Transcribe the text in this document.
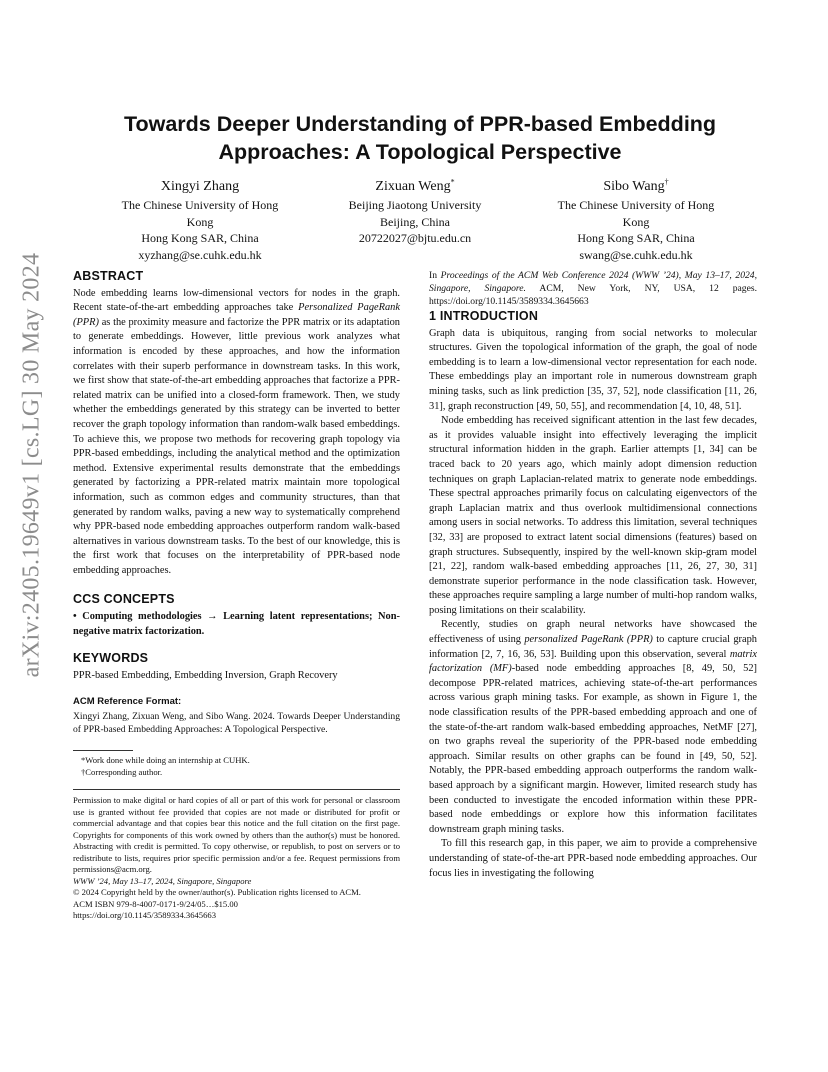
arXiv:2405.19649v1 [cs.LG] 30 May 2024
Towards Deeper Understanding of PPR-based Embedding
Approaches: A Topological Perspective
Xingyi Zhang
The Chinese University of Hong
Kong
Hong Kong SAR, China
xyzhang@se.cuhk.edu.hk
Zixuan Weng*
Beijing Jiaotong University
Beijing, China
20722027@bjtu.edu.cn
Sibo Wang†
The Chinese University of Hong
Kong
Hong Kong SAR, China
swang@se.cuhk.edu.hk
ABSTRACT

Node embedding learns low-dimensional vectors for nodes in the graph. Recent state-of-the-art embedding approaches take Personalized PageRank (PPR) as the proximity measure and factorize the PPR matrix or its adaptation to generate embeddings. However, little previous work analyzes what information is encoded by these approaches, and how the information correlates with their superb performance in downstream tasks. In this work, we first show that state-of-the-art embedding approaches that factorize a PPR-related matrix can be unified into a closed-form framework. Then, we study whether the embeddings generated by this strategy can be inverted to better recover the graph topology information than random-walk based embeddings. To achieve this, we propose two methods for recovering graph topology via PPR-based embeddings, including the analytical method and the optimization method. Extensive experimental results demonstrate that the embeddings generated by factorizing a PPR-related matrix maintain more topological information, such as common edges and community structures, than that generated by random walks, paving a new way to systematically comprehend why PPR-based node embedding approaches outperform random walk-based alternatives in various downstream tasks. To the best of our knowledge, this is the first work that focuses on the interpretability of PPR-based node embedding approaches.

CCS CONCEPTS

• Computing methodologies → Learning latent representations; Non-negative matrix factorization.

KEYWORDS

PPR-based Embedding, Embedding Inversion, Graph Recovery

ACM Reference Format:

Xingyi Zhang, Zixuan Weng, and Sibo Wang. 2024. Towards Deeper Understanding of PPR-based Embedding Approaches: A Topological Perspective.

*Work done while doing an internship at CUHK.
†Corresponding author.
Permission to make digital or hard copies of all or part of this work for personal or classroom use is granted without fee provided that copies are not made or distributed for profit or commercial advantage and that copies bear this notice and the full citation on the first page. Copyrights for components of this work owned by others than the author(s) must be honored. Abstracting with credit is permitted. To copy otherwise, or republish, to post on servers or to redistribute to lists, requires prior specific permission and/or a fee. Request permissions from permissions@acm.org.
WWW ’24, May 13–17, 2024, Singapore, Singapore
© 2024 Copyright held by the owner/author(s). Publication rights licensed to ACM.
ACM ISBN 979-8-4007-0171-9/24/05…$15.00
https://doi.org/10.1145/3589334.3645663
In Proceedings of the ACM Web Conference 2024 (WWW ’24), May 13–17, 2024, Singapore, Singapore. ACM, New York, NY, USA, 12 pages. https://doi.org/10.1145/3589334.3645663
1 INTRODUCTION

Graph data is ubiquitous, ranging from social networks to molecular structures. Given the topological information of the graph, the goal of node embedding is to learn a low-dimensional vector representation for each node. These embeddings play an important role in numerous downstream graph mining tasks, such as link prediction [35, 37, 52], node classification [11, 26, 31], graph reconstruction [49, 50, 55], and recommendation [4, 10, 48, 51].

Node embedding has received significant attention in the last few decades, as it provides valuable insight into effectively leveraging the implicit structural information hidden in the graph. Earlier attempts [1, 34] can be traced back to 20 years ago, which mainly adopt dimension reduction techniques on graph Laplacian-related matrix to generate node embeddings. These spectral approaches primarily focus on calculating eigenvectors of the graph Laplacian matrix and thus overlook multidimensional connections among users in social networks. To address this limitation, several techniques [32, 33] are proposed to extract latent social dimensions (features) based on graph structures. Subsequently, inspired by the well-known skip-gram model [21, 22], random walk-based embedding approaches [11, 26, 27, 30, 31] demonstrate superior performance in the node classification task. However, these approaches require sampling a large number of multi-hop random walks, posing limitations on their scalability.

Recently, studies on graph neural networks have showcased the effectiveness of using personalized PageRank (PPR) to capture crucial graph information [2, 7, 16, 36, 53]. Building upon this observation, several matrix factorization (MF)-based node embedding approaches [8, 49, 50, 52] decompose PPR-related matrices, achieving state-of-the-art performances across various graph mining tasks. For example, as shown in Figure 1, the node classification results of the PPR-based embedding approach and one of the state-of-the-art random walk-based embedding approaches, NetMF [27], on two graphs reveal the superiority of the PPR-based node embedding approach. Similar results on other graphs can be found in [49, 50, 52]. Notably, the PPR-based embedding approach outperforms the random walk-based approach by a significant margin. However, limited research study has been conducted to investigate the encoded information within these PPR-based node embeddings or explore how this information facilitates downstream graph mining tasks.

To fill this research gap, in this paper, we aim to provide a comprehensive understanding of state-of-the-art PPR-based node embedding approaches. Our focus lies in investigating the following
